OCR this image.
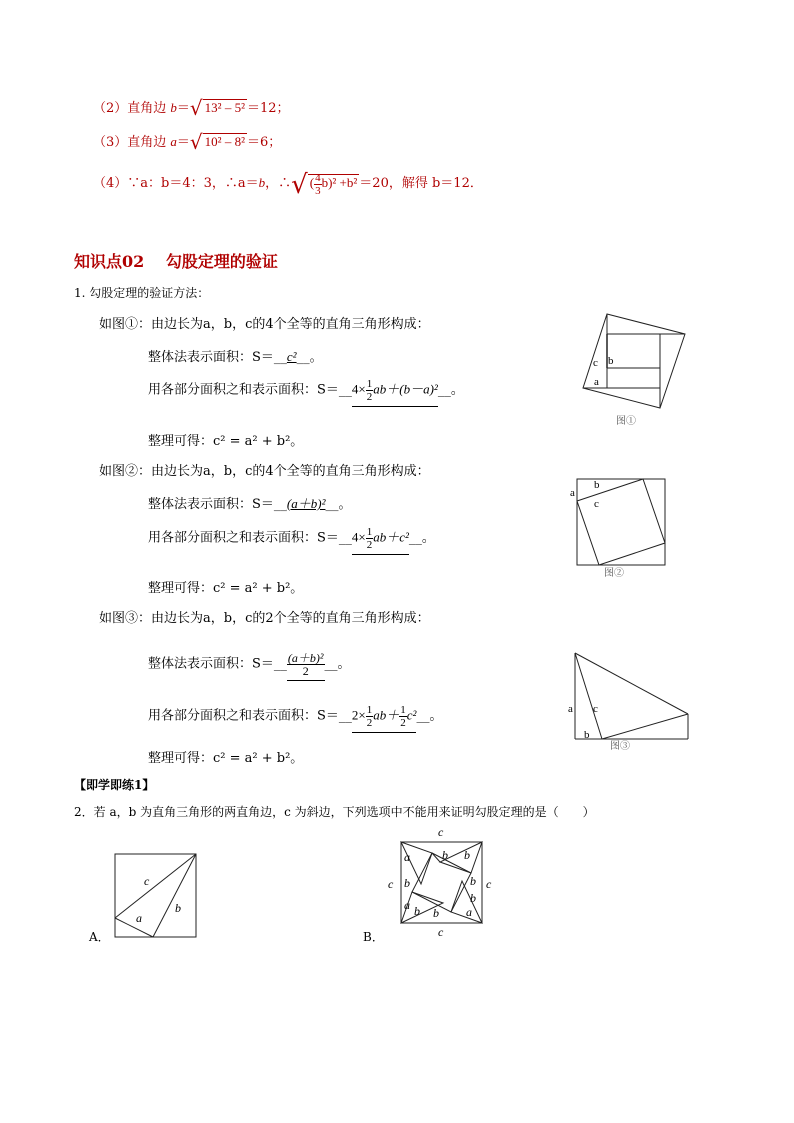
（2）直角边 b＝√ 13² – 5² ＝12；
（3）直角边 a＝√ 10² – 8² ＝6；
（4）∵a：b＝4：3，∴a＝b，∴√ ( $\frac{4}{3} b)^2 +b^2 =20$，解得 b＝12．
知识点02　 勾股定理的验证
1. 勾股定理的验证方法：
如图①：由边长为a，b，c的4个全等的直角三角形构成：
整体法表示面积：S＝__c²__。
用各部分面积之和表示面积：S＝__4× $\frac{1}{2}$ ab＋(b－a)²__。
整理可得：c² = a² + b²。
c b
a
图①
如图②：由边长为a，b，c的4个全等的直角三角形构成：
整体法表示面积：S＝__(a＋b)²__。
用各部分面积之和表示面积：S＝__4× $\frac{1}{2}$ ab＋c²__。
整理可得：c² = a² + b²。
a
b
c
图②
如图③：由边长为a，b，c的2个全等的直角三角形构成：
整体法表示面积：S＝__ $\frac{\text{(a＋b)²}}{2}$ __。
用各部分面积之和表示面积：S＝__2× $\frac{1}{2} ab+ \frac{1}{2}$ c²__。
整理可得：c² = a² + b²。
a c
b
图③
【即学即练1】
2．若 a，b 为直角三角形的两直角边，c 为斜边，下列选项中不能用来证明勾股定理的是（　　）
A．
c
a
b
B．
c
c
c	c
a	b b
b
a
b
b
b b a
